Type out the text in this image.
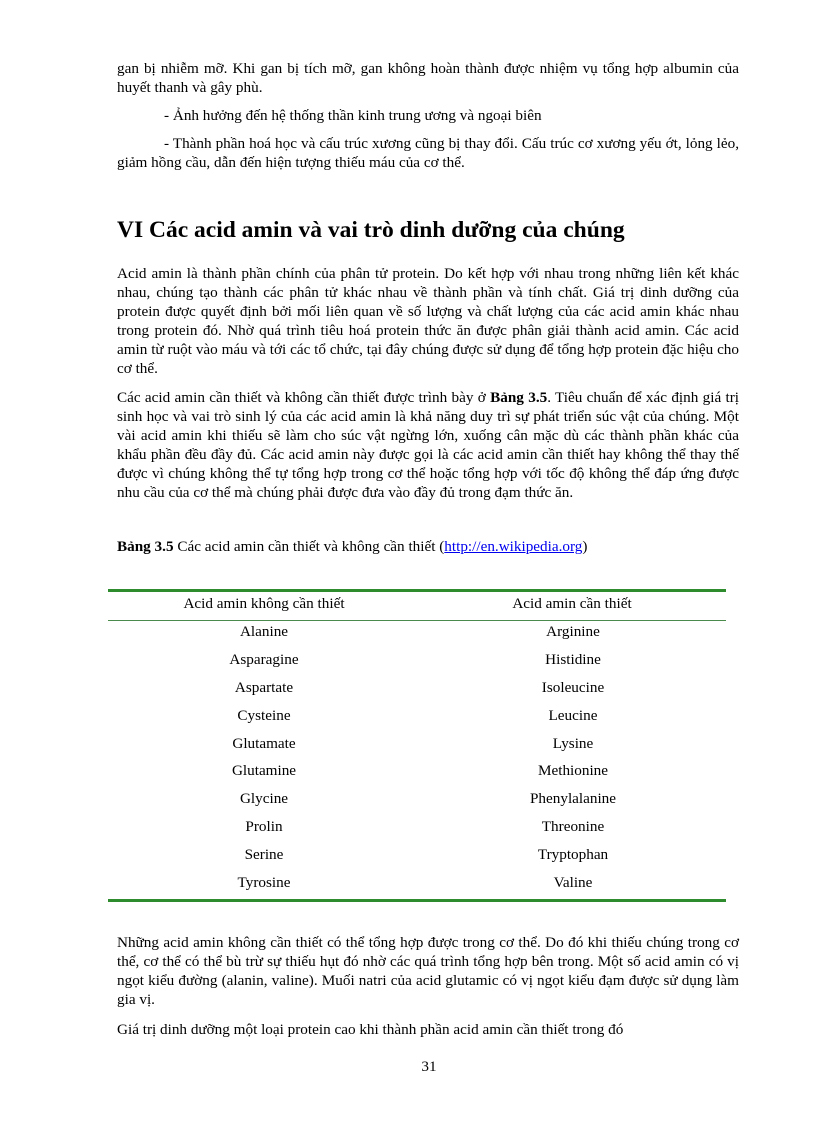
gan bị nhiễm mỡ. Khi gan bị tích mỡ, gan không hoàn thành được nhiệm vụ tổng hợp albumin của huyết thanh và gây phù.

- Ảnh hưởng đến hệ thống thần kinh trung ương và ngoại biên

- Thành phần hoá học và cấu trúc xương cũng bị thay đổi. Cấu trúc cơ xương yếu ớt, lỏng lẻo, giảm hồng cầu, dẫn đến hiện tượng thiếu máu của cơ thể.

VI Các acid amin và vai trò dinh dưỡng của chúng

Acid amin là thành phần chính của phân tử protein. Do kết hợp với nhau trong những liên kết khác nhau, chúng tạo thành các phân tử khác nhau về thành phần và tính chất. Giá trị dinh dưỡng của protein được quyết định bởi mối liên quan về số lượng và chất lượng của các acid amin khác nhau trong protein đó. Nhờ quá trình tiêu hoá protein thức ăn được phân giải thành acid amin. Các acid amin từ ruột vào máu và tới các tổ chức, tại đây chúng được sử dụng để tổng hợp protein đặc hiệu cho cơ thể.

Các acid amin cần thiết và không cần thiết được trình bày ở Bảng 3.5. Tiêu chuẩn để xác định giá trị sinh học và vai trò sinh lý của các acid amin là khả năng duy trì sự phát triển súc vật của chúng. Một vài acid amin khi thiếu sẽ làm cho súc vật ngừng lớn, xuống cân mặc dù các thành phần khác của khẩu phần đều đầy đủ. Các acid amin này được gọi là các acid amin cần thiết hay không thể thay thế được vì chúng không thể tự tổng hợp trong cơ thể hoặc tổng hợp với tốc độ không thể đáp ứng được nhu cầu của cơ thể mà chúng phải được đưa vào đầy đủ trong đạm thức ăn.

Bảng 3.5 Các acid amin cần thiết và không cần thiết (http://en.wikipedia.org)

Acid amin không cần thiết	Acid amin cần thiết
Alanine	Arginine
Asparagine	Histidine
Aspartate	Isoleucine
Cysteine	Leucine
Glutamate	Lysine
Glutamine	Methionine
Glycine	Phenylalanine
Prolin	Threonine
Serine	Tryptophan
Tyrosine	Valine

Những acid amin không cần thiết có thể tổng hợp được trong cơ thể. Do đó khi thiếu chúng trong cơ thể, cơ thể có thể bù trừ sự thiếu hụt đó nhờ các quá trình tổng hợp bên trong. Một số acid amin có vị ngọt kiểu đường (alanin, valine). Muối natri của acid glutamic có vị ngọt kiểu đạm được sử dụng làm gia vị.

Giá trị dinh dưỡng một loại protein cao khi thành phần acid amin cần thiết trong đó

31
